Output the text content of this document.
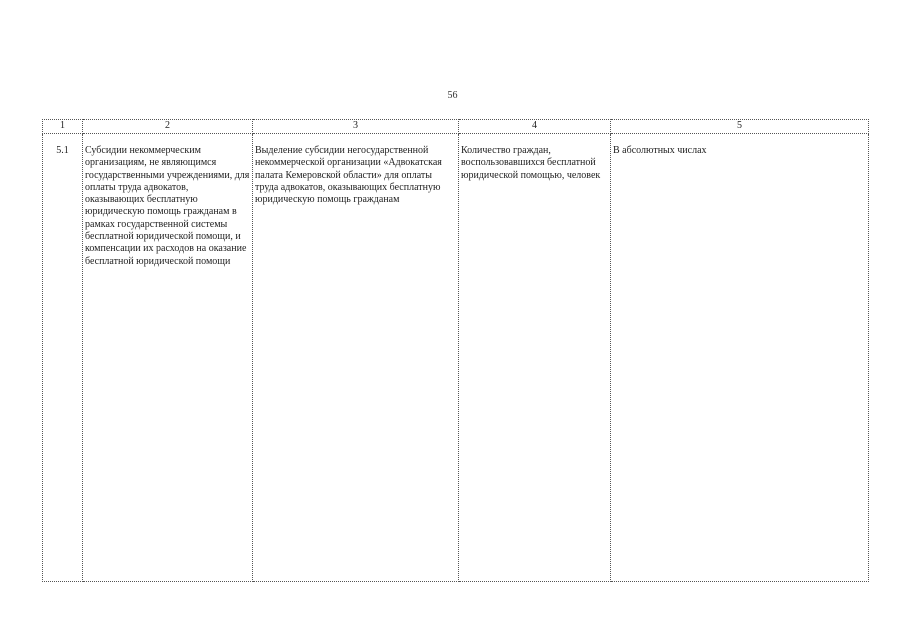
56
1	2	3	4	5
5.1	Субсидии некоммерческим организациям, не являющимся государственными учреждениями, для оплаты труда адвокатов, оказывающих бесплатную юридическую помощь гражданам в рамках государственной системы бесплатной юридической помощи, и компенсации их расходов на оказание бесплатной юридической помощи	Выделение субсидии негосударственной некоммерческой организации «Адвокатская палата Кемеровской области» для оплаты труда адвокатов, оказывающих бесплатную юридическую помощь гражданам	Количество граждан, воспользовавшихся бесплатной юридической помощью, человек	В абсолютных числах
